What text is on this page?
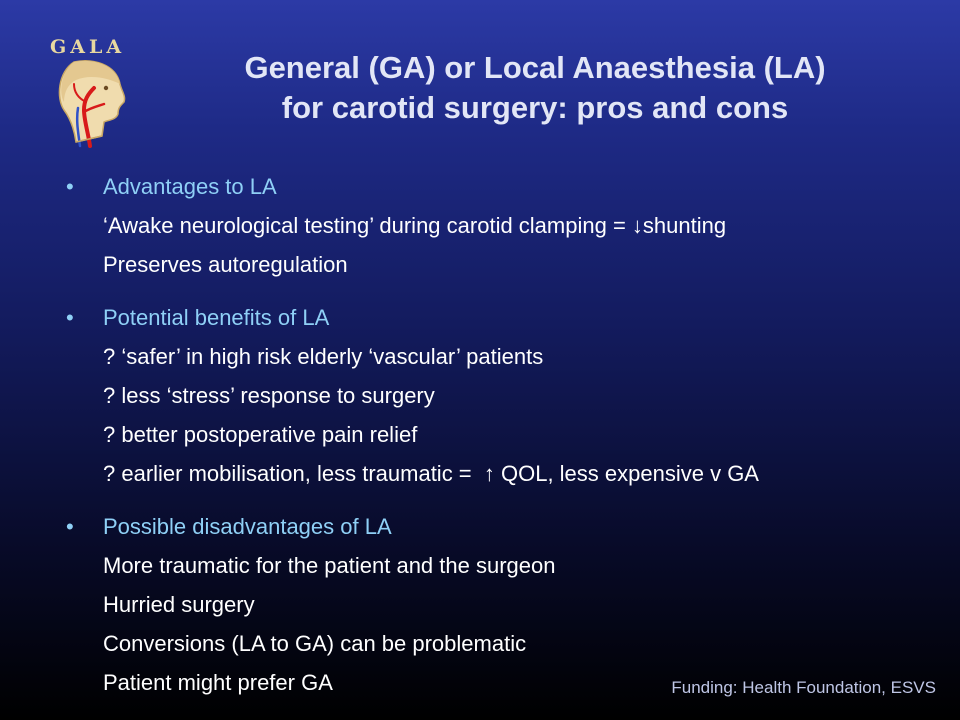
GALA
General (GA) or Local Anaesthesia (LA)
for carotid surgery: pros and cons
• Advantages to LA
‘Awake neurological testing’ during carotid clamping = ↓shunting
Preserves autoregulation
• Potential benefits of LA
? ‘safer’ in high risk elderly ‘vascular’ patients
? less ‘stress’ response to surgery
? better postoperative pain relief
? earlier mobilisation, less traumatic =  ↑ QOL, less expensive v GA
• Possible disadvantages of LA
More traumatic for the patient and the surgeon
Hurried surgery
Conversions (LA to GA) can be problematic
Patient might prefer GA	Funding: Health Foundation, ESVS
